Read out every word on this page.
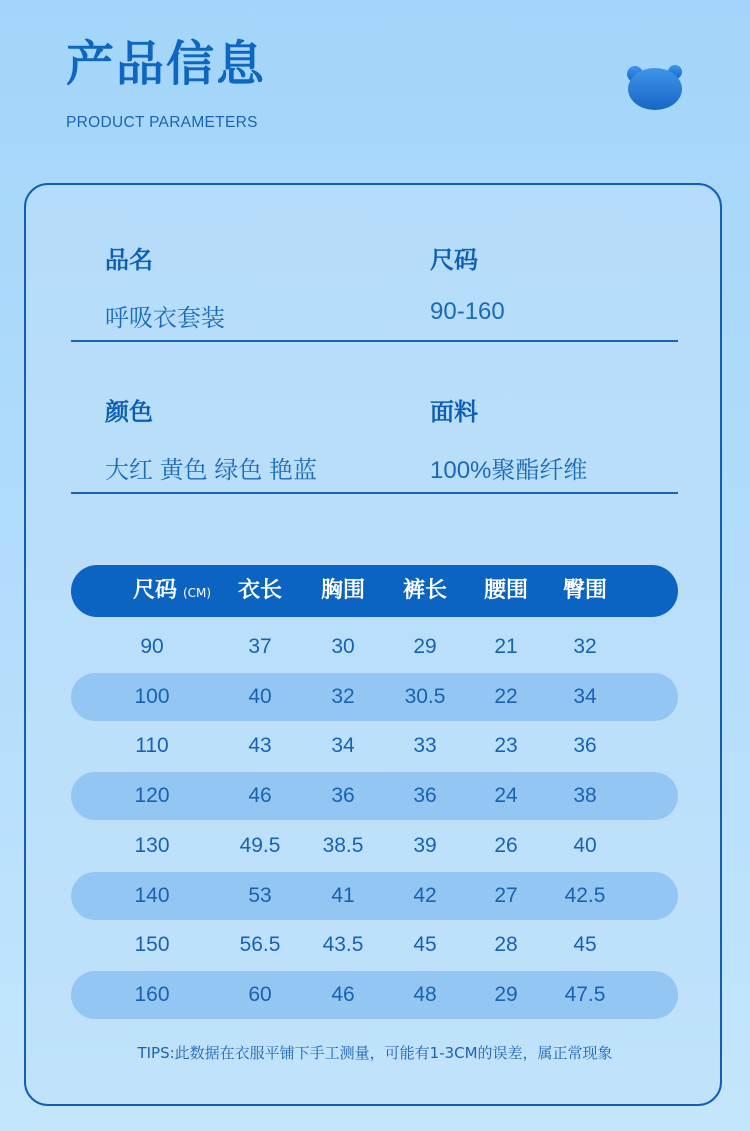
产品信息
PRODUCT PARAMETERS
品名
呼吸衣套装
尺码
90-160
颜色
大红 黄色 绿色 艳蓝
面料
100%聚酯纤维
尺码 (CM) 衣长 胸围 裤长 腰围 臀围
90	37	30	29	21	32
100	40	32 30.5 22	34
110	43	34	33	23	36
120	46	36	36	24	38
130	49.5 38.5 39	26	40
140	53	41	42	27 42.5
150	56.5 43.5 45	28	45
160	60	46	48	29 47.5
TIPS:此数据在衣服平铺下手工测量，可能有1-3CM的误差，属正常现象
